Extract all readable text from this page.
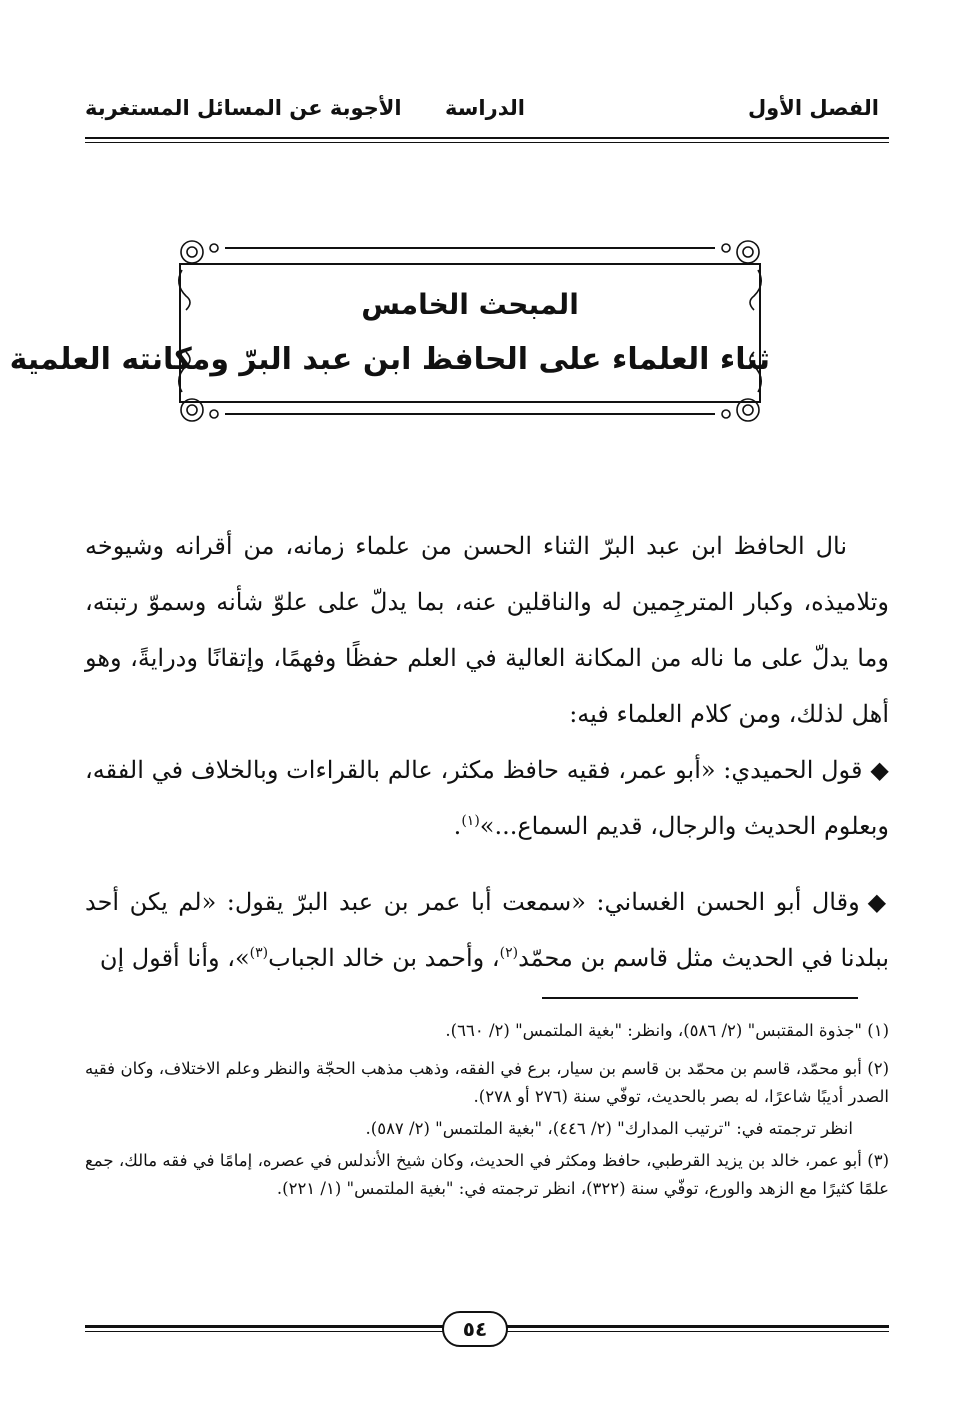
الفصل الأول
الدراسة
الأجوبة عن المسائل المستغربة
المبحث الخامس
ثناء العلماء على الحافظ ابن عبد البرّ ومكانته العلمية

نال الحافظ ابن عبد البرّ الثناء الحسن من علماء زمانه، من أقرانه وشيوخه وتلاميذه، وكبار المترجِمين له والناقلين عنه، بما يدلّ على علوّ شأنه وسموّ رتبته، وما يدلّ على ما ناله من المكانة العالية في العلم حفظًا وفهمًا، وإتقانًا ودرايةً، وهو أهل لذلك، ومن كلام العلماء فيه:

◆قول الحميدي: «أبو عمر، فقيه حافظ مكثر، عالم بالقراءات وبالخلاف في الفقه، وبعلوم الحديث والرجال، قديم السماع...»$^{(١)}$.

◆وقال أبو الحسن الغساني: «سمعت أبا عمر بن عبد البرّ يقول: «لم يكن أحد ببلدنا في الحديث مثل قاسم بن محمّد$^{(٢)}$، وأحمد بن خالد الجباب$^{(٣)}$»، وأنا أقول إن

(١) "جذوة المقتبس" (٢/ ٥٨٦)، وانظر: "بغية الملتمس" (٢/ ٦٦٠).

(٢) أبو محمّد، قاسم بن محمّد بن قاسم بن سيار، برع في الفقه، وذهب مذهب الحجّة والنظر وعلم الاختلاف، وكان فقيه الصدر أديبًا شاعرًا، له بصر بالحديث، توفّي سنة (٢٧٦ أو ٢٧٨).

انظر ترجمته في: "ترتيب المدارك" (٢/ ٤٤٦)، "بغية الملتمس" (٢/ ٥٨٧).

(٣) أبو عمر، خالد بن يزيد القرطبي، حافظ ومكثر في الحديث، وكان شيخ الأندلس في عصره، إمامًا في فقه مالك، جمع علمًا كثيرًا مع الزهد والورع، توفّي سنة (٣٢٢)، انظر ترجمته في: "بغية الملتمس" (١/ ٢٢١).

٥٤
